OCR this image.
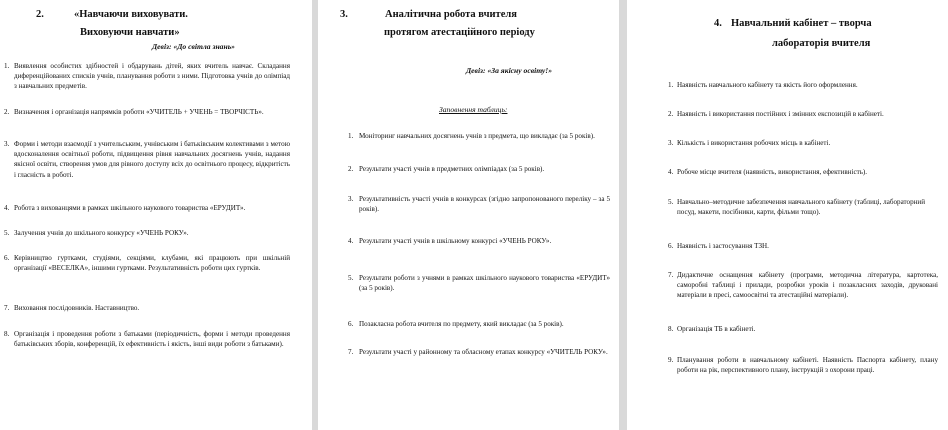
2.	«Навчаючи виховувати.
Виховуючи навчати»
Девіз: «До світла знань»
1. Виявлення особистих здібностей і обдарувань дітей, яких вчитель навчає. Складання диференційованих списків учнів, планування роботи з ними. Підготовка учнів до олімпіад з навчальних предметів.
2. Визначення і організація напрямків роботи «УЧИТЕЛЬ + УЧЕНЬ = ТВОРЧІСТЬ».
3. Форми і методи взаємодії з учительським, учнівським і батьківським колективами з метою вдосконалення освітньої роботи, підвищення рівня навчальних досягнень учнів, надання якісної освіти, створення умов для рівного доступу всіх до освітнього процесу, відкритість і гласність в роботі.
4. Робота з вихованцями в рамках шкільного наукового товариства «ЕРУДИТ».
5. Залучення учнів до шкільного конкурсу «УЧЕНЬ РОКУ».
6. Керівництво гуртками, студіями, секціями, клубами, які працюють при шкільній організації «ВЕСЕЛКА», іншими гуртками. Результативність роботи цих гуртків.
7. Виховання послідовників. Наставництво.
8. Організація і проведення роботи з батьками (періодичність, форми і методи проведення батьківських зборів, конференцій, їх ефективність і якість, інші види роботи з батьками).
3.	Аналітична робота вчителя
протягом атестаційного періоду
Девіз: «За якісну освіту!»
Заповнення таблиць:
1. Моніторинг навчальних досягнень учнів з предмета, що викладає (за 5 років).
2. Результати участі учнів в предметних олімпіадах (за 5 років).
3. Результативність участі учнів в конкурсах (згідно запропонованого переліку – за 5 років).
4. Результати участі учнів в шкільному конкурсі «УЧЕНЬ РОКУ».
5. Результати роботи з учнями в рамках шкільного наукового товариства «ЕРУДИТ» (за 5 років).
6. Позакласна робота вчителя по предмету, який викладає (за 5 років).
7. Результати участі у районному та обласному етапах конкурсу «УЧИТЕЛЬ РОКУ».
4. Навчальний кабінет – творча
лабораторія вчителя
1. Наявність навчального кабінету та якість його оформлення.
2. Наявність і використання постійних і змінних експозицій в кабінеті.
3. Кількість і використання робочих місць в кабінеті.
4. Робоче місце вчителя (наявність, використання, ефективність).
5. Навчально–методичне забезпечення навчального кабінету (таблиці, лабораторний посуд, макети, посібники, карти, фільми тощо).
6. Наявність і застосування ТЗН.
7. Дидактичне оснащення кабінету (програми, методична література, картотека, саморобні таблиці і прилади, розробки уроків і позакласних заходів, друковані матеріали в пресі, самоосвітні та атестаційні матеріали).
8. Організація ТБ в кабінеті.
9. Планування роботи в навчальному кабінеті. Наявність Паспорта кабінету, плану роботи на рік, перспективного плану, інструкцій з охорони праці.
